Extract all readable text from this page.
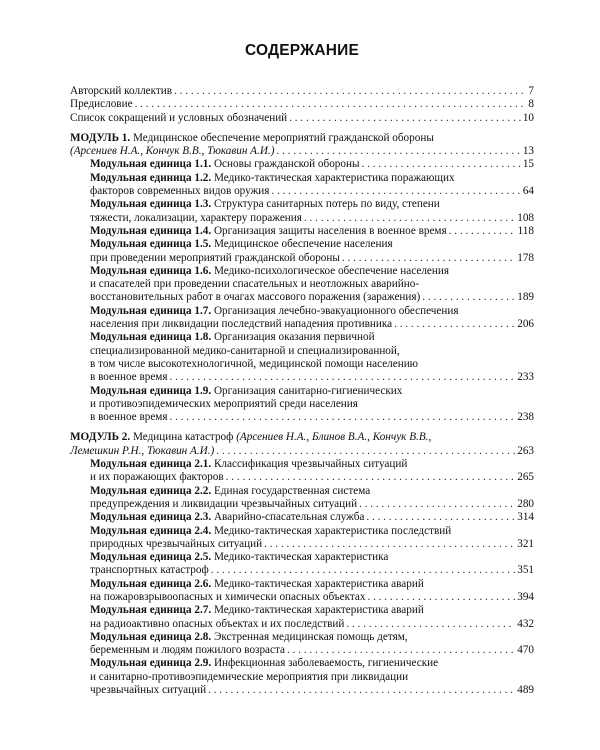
СОДЕРЖАНИЕ
Авторский коллектив . . .	7
Предисловие . . .	8
Список сокращений и условных обозначений . . .	10
МОДУЛЬ 1. Медицинское обеспечение мероприятий гражданской обороны
(Арсениев Н.А., Кончук В.В., Тюкавин А.И.) . . .	13
Модульная единица 1.1. Основы гражданской обороны . . .	15
Модульная единица 1.2. Медико-тактическая характеристика поражающих
факторов современных видов оружия . . .	64
Модульная единица 1.3. Структура санитарных потерь по виду, степени
тяжести, локализации, характеру поражения . . .	108
Модульная единица 1.4. Организация защиты населения в военное время . . .	118
Модульная единица 1.5. Медицинское обеспечение населения
при проведении мероприятий гражданской обороны . . .	178
Модульная единица 1.6. Медико-психологическое обеспечение населения
и спасателей при проведении спасательных и неотложных аварийно-
восстановительных работ в очагах массового поражения (заражения) . . .	189
Модульная единица 1.7. Организация лечебно-эвакуационного обеспечения
населения при ликвидации последствий нападения противника . . .	206
Модульная единица 1.8. Организация оказания первичной
специализированной медико-санитарной и специализированной,
в том числе высокотехнологичной, медицинской помощи населению
в военное время . . .	233
Модульная единица 1.9. Организация санитарно-гигиенических
и противоэпидемических мероприятий среди населения
в военное время . . .	238
МОДУЛЬ 2. Медицина катастроф (Арсениев Н.А., Блинов В.А., Кончук В.В.,
Лемешкин Р.Н., Тюкавин А.И.) . . .	263
Модульная единица 2.1. Классификация чрезвычайных ситуаций
и их поражающих факторов . . .	265
Модульная единица 2.2. Единая государственная система
предупреждения и ликвидации чрезвычайных ситуаций . . .	280
Модульная единица 2.3. Аварийно-спасательная служба . . .	314
Модульная единица 2.4. Медико-тактическая характеристика последствий
природных чрезвычайных ситуаций . . .	321
Модульная единица 2.5. Медико-тактическая характеристика
транспортных катастроф . . .	351
Модульная единица 2.6. Медико-тактическая характеристика аварий
на пожаровзрывоопасных и химически опасных объектах . . .	394
Модульная единица 2.7. Медико-тактическая характеристика аварий
на радиоактивно опасных объектах и их последствий . . .	432
Модульная единица 2.8. Экстренная медицинская помощь детям,
беременным и людям пожилого возраста . . .	470
Модульная единица 2.9. Инфекционная заболеваемость, гигиенические
и санитарно-противоэпидемические мероприятия при ликвидации
чрезвычайных ситуаций . . .	489
